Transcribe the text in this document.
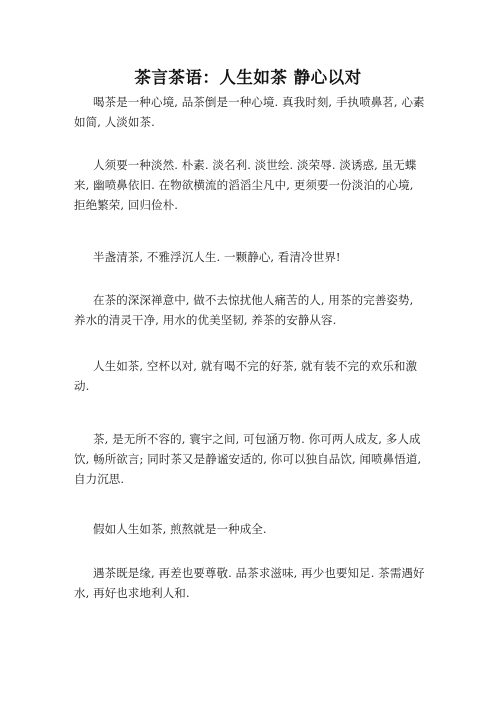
茶言茶语：人生如茶 静心以对

喝茶是一种心境, 品茶倒是一种心境. 真我时刻, 手执喷鼻茗, 心素如简, 人淡如茶.

人须要一种淡然. 朴素. 淡名利. 淡世绘. 淡荣辱. 淡诱惑, 虽无蝶来, 幽喷鼻依旧. 在物欲横流的滔滔尘凡中, 更须要一份淡泊的心境, 拒绝繁荣, 回归俭朴.

半盏清茶, 不雅浮沉人生. 一颗静心, 看清冷世界!

在茶的深深禅意中, 做不去惊扰他人痛苦的人, 用茶的完善姿势, 养水的清灵干净, 用水的优美坚韧, 养茶的安静从容.

人生如茶, 空杯以对, 就有喝不完的好茶, 就有装不完的欢乐和激动.

茶, 是无所不容的, 寰宇之间, 可包涵万物. 你可两人成友, 多人成饮, 畅所欲言; 同时茶又是静谧安适的, 你可以独自品饮, 闻喷鼻悟道, 自力沉思.

假如人生如茶, 煎熬就是一种成全.

遇茶既是缘, 再差也要尊敬. 品茶求滋味, 再少也要知足. 茶需遇好水, 再好也求地利人和.
